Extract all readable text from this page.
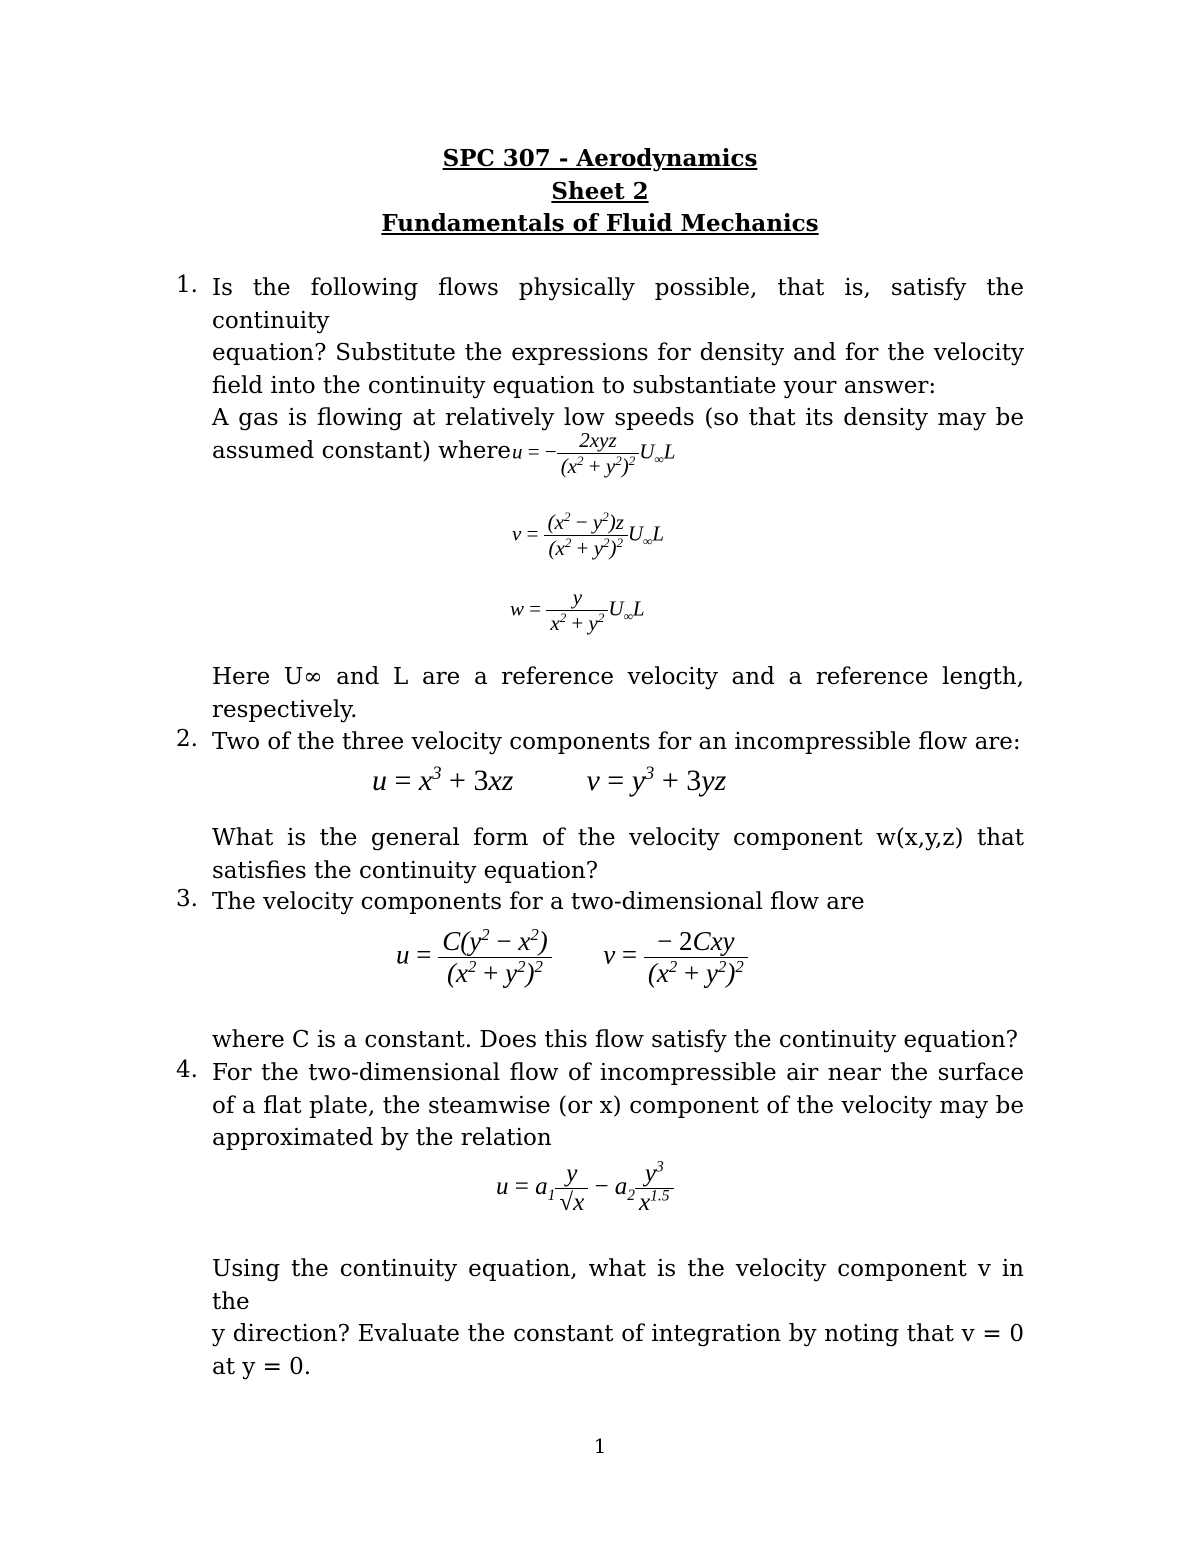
SPC 307 - Aerodynamics
Sheet 2
Fundamentals of Fluid Mechanics
1. Is the following flows physically possible, that is, satisfy the continuity
equation? Substitute the expressions for density and for the velocity
field into the continuity equation to substantiate your answer:
A gas is flowing at relatively low speeds (so that its density may be
assumed constant) where u = − $\frac{\text{2xyz}}{(x^2 + y^2)^2} U_\infty L$
$v = \frac{(x^2 - y^2)z}{(x^2 + y^2)^2} U_\infty L$
$w = \frac{y}{x^2 + y^2} U_\infty L$
Here U∞ and L are a reference velocity and a reference length,
respectively.
2. Two of the three velocity components for an incompressible flow are:
$u = x^3 + 3xz$  $v = y^3 + 3yz$
What is the general form of the velocity component w(x,y,z) that
satisfies the continuity equation?
3. The velocity components for a two-dimensional flow are
$u = \frac{C(y^2 - x^2)}{(x^2 + y^2)^2}$ $v = \frac{\text{− 2Cxy}}{(x^2 + y^2)^2}$
where C is a constant. Does this flow satisfy the continuity equation?
4. For the two-dimensional flow of incompressible air near the surface
of a flat plate, the steamwise (or x) component of the velocity may be
approximated by the relation
$u = a_1 \frac{y}{√x} - a_2 \frac{y^3}{x^{1.5}}$
Using the continuity equation, what is the velocity component v in the
y direction? Evaluate the constant of integration by noting that v = 0
at y = 0.
1
